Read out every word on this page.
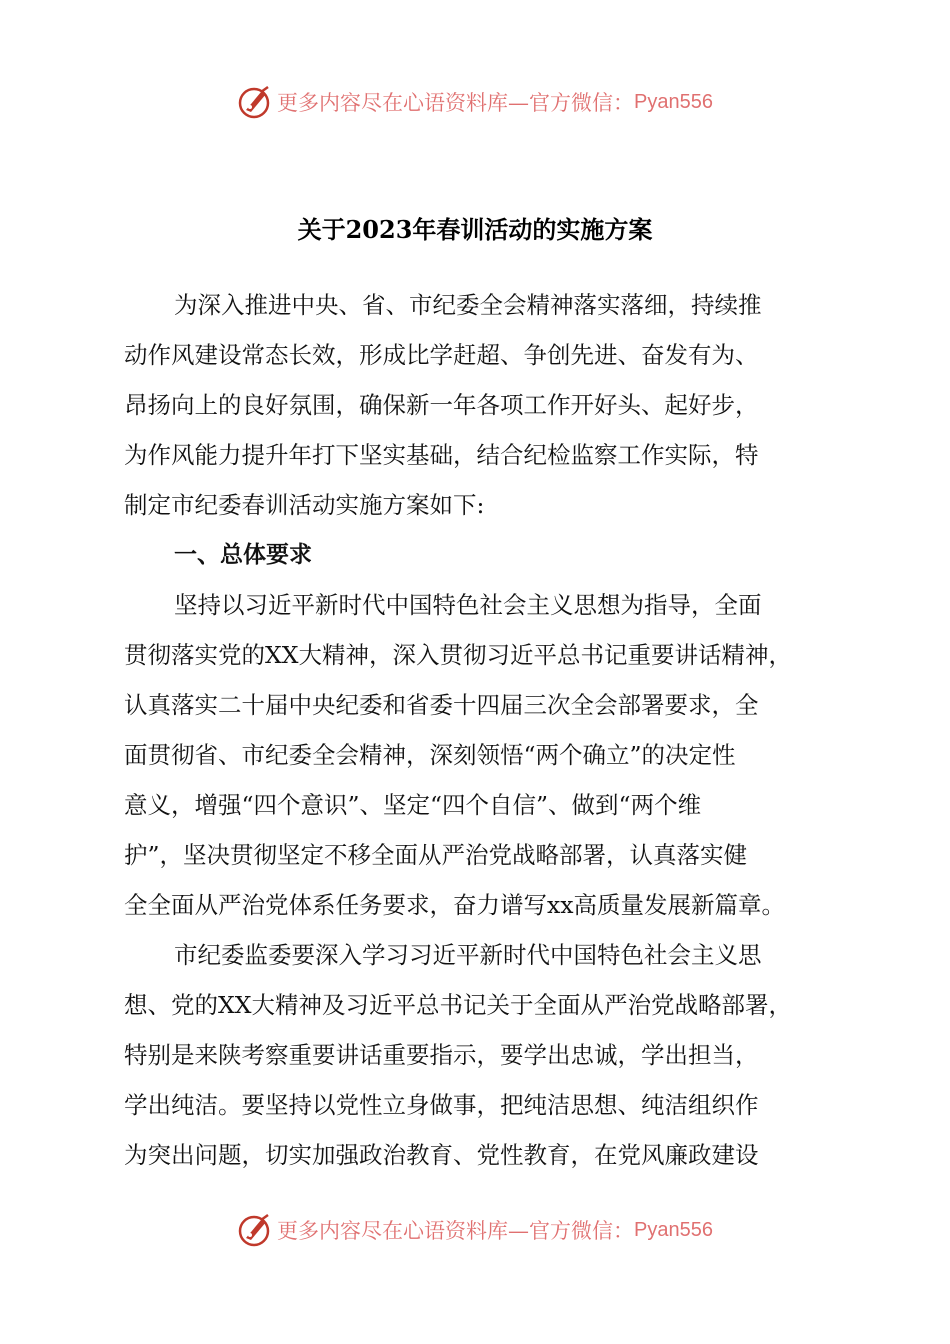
更多内容尽在心语资料库—官方微信： Pyan556
关于2023年春训活动的实施方案
为深入推进中央、省、市纪委全会精神落实落细，持续推
动作风建设常态长效，形成比学赶超、争创先进、奋发有为、
昂扬向上的良好氛围，确保新一年各项工作开好头、起好步，
为作风能力提升年打下坚实基础，结合纪检监察工作实际，特
制定市纪委春训活动实施方案如下:
一、总体要求
坚持以习近平新时代中国特色社会主义思想为指导，全面
贯彻落实党的XX大精神，深入贯彻习近平总书记重要讲话精神，
认真落实二十届中央纪委和省委十四届三次全会部署要求，全
面贯彻省、市纪委全会精神，深刻领悟“两个确立”的决定性
意义，增强“四个意识”、坚定“四个自信”、做到“两个维
护”，坚决贯彻坚定不移全面从严治党战略部署，认真落实健
全全面从严治党体系任务要求，奋力谱写xx高质量发展新篇章。
市纪委监委要深入学习习近平新时代中国特色社会主义思
想、党的XX大精神及习近平总书记关于全面从严治党战略部署，
特别是来陕考察重要讲话重要指示，要学出忠诚，学出担当，
学出纯洁。要坚持以党性立身做事，把纯洁思想、纯洁组织作
为突出问题，切实加强政治教育、党性教育，在党风廉政建设
更多内容尽在心语资料库—官方微信： Pyan556
